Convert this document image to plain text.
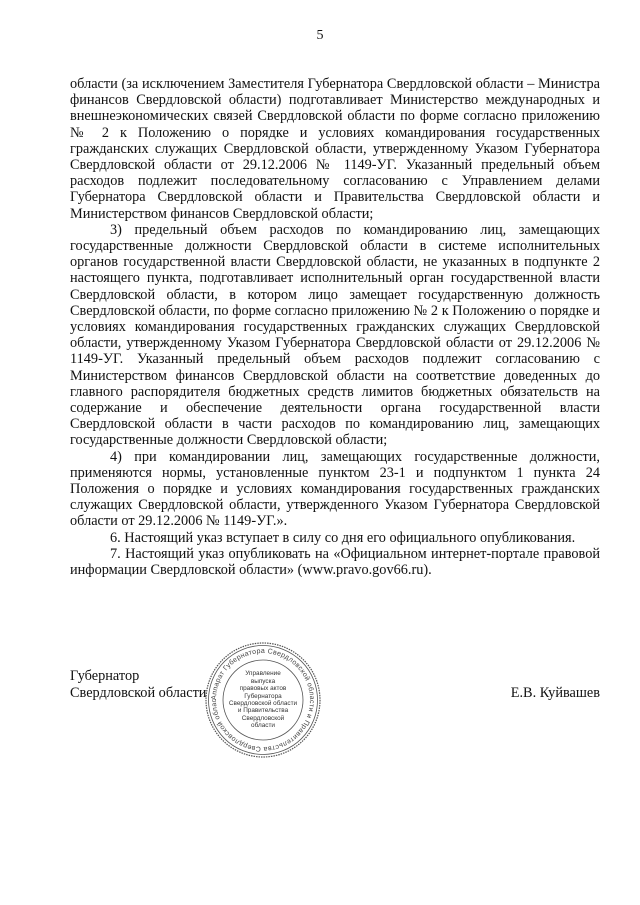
5

области (за исключением Заместителя Губернатора Свердловской области – Министра финансов Свердловской области) подготавливает Министерство международных и внешнеэкономических связей Свердловской области по форме согласно приложению № 2 к Положению о порядке и условиях командирования государственных гражданских служащих Свердловской области, утвержденному Указом Губернатора Свердловской области от 29.12.2006 № 1149-УГ. Указанный предельный объем расходов подлежит последовательному согласованию с Управлением делами Губернатора Свердловской области и Правительства Свердловской области и Министерством финансов Свердловской области;

3) предельный объем расходов по командированию лиц, замещающих государственные должности Свердловской области в системе исполнительных органов государственной власти Свердловской области, не указанных в подпункте 2 настоящего пункта, подготавливает исполнительный орган государственной власти Свердловской области, в котором лицо замещает государственную должность Свердловской области, по форме согласно приложению № 2 к Положению о порядке и условиях командирования государственных гражданских служащих Свердловской области, утвержденному Указом Губернатора Свердловской области от 29.12.2006 № 1149-УГ. Указанный предельный объем расходов подлежит согласованию с Министерством финансов Свердловской области на соответствие доведенных до главного распорядителя бюджетных средств лимитов бюджетных обязательств на содержание и обеспечение деятельности органа государственной власти Свердловской области в части расходов по командированию лиц, замещающих государственные должности Свердловской области;

4) при командировании лиц, замещающих государственные должности, применяются нормы, установленные пунктом 23-1 и подпунктом 1 пункта 24 Положения о порядке и условиях командирования государственных гражданских служащих Свердловской области, утвержденного Указом Губернатора Свердловской области от 29.12.2006 № 1149-УГ.».

6. Настоящий указ вступает в силу со дня его официального опубликования.

7. Настоящий указ опубликовать на «Официальном интернет-портале правовой информации Свердловской области» (www.pravo.gov66.ru).

Губернатор
Свердловской области	Е.В. Куйвашев
Аппарат Губернатора Свердловской области и Правительства Свердловской облас
Управление
выпуска
правовых актов
Губернатора
Свердловской области
и Правительства
Свердловской
области
